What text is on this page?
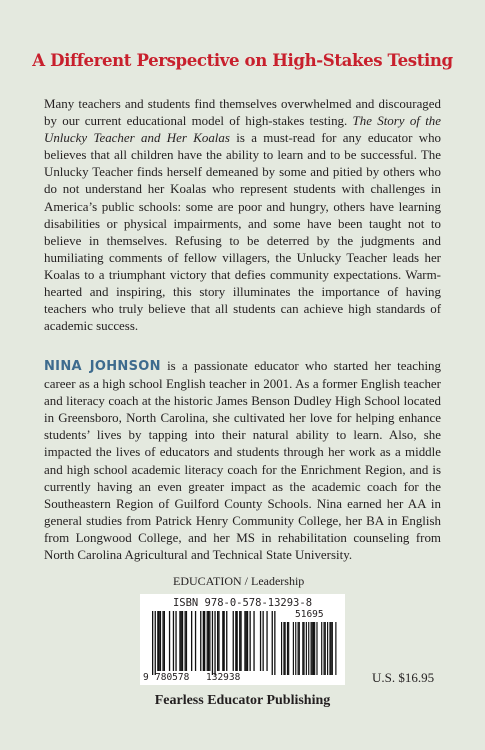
A Different Perspective on High-Stakes Testing

Many teachers and students find themselves overwhelmed and discouraged by our current educational model of high-stakes testing. The Story of the Unlucky Teacher and Her Koalas is a must-read for any educator who believes that all children have the ability to learn and to be successful. The Unlucky Teacher finds herself demeaned by some and pitied by others who do not understand her Koalas who represent students with challenges in America’s public schools: some are poor and hungry, others have learning disabilities or physical impairments, and some have been taught not to believe in themselves. Refusing to be deterred by the judgments and humiliating comments of fellow villagers, the Unlucky Teacher leads her Koalas to a triumphant victory that defies community expectations. Warm-hearted and inspiring, this story illuminates the importance of having teachers who truly believe that all students can achieve high standards of academic success.

NINA JOHNSON is a passionate educator who started her teaching career as a high school English teacher in 2001. As a former English teacher and literacy coach at the historic James Benson Dudley High School located in Greensboro, North Carolina, she cultivated her love for helping enhance students’ lives by tapping into their natural ability to learn. Also, she impacted the lives of educators and students through her work as a middle and high school academic literacy coach for the Enrichment Region, and is currently having an even greater impact as the academic coach for the Southeastern Region of Guilford County Schools. Nina earned her AA in general studies from Patrick Henry Community College, her BA in English from Longwood College, and her MS in rehabilitation counseling from North Carolina Agricultural and Technical State University.

EDUCATION / Leadership
ISBN 978-0-578-13293-8
9 780578 132938
51695
U.S. $16.95
Fearless Educator Publishing
